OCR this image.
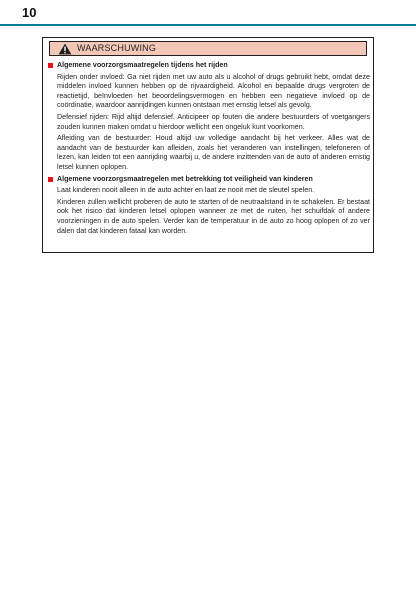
10
WAARSCHUWING
Algemene voorzorgsmaatregelen tijdens het rijden

Rijden onder invloed: Ga niet rijden met uw auto als u alcohol of drugs gebruikt hebt, omdat deze middelen invloed kunnen hebben op de rijvaardigheid. Alcohol en bepaalde drugs vergroten de reactietijd, beïnvloeden het beoordelingsvermogen en hebben een negatieve invloed op de coördinatie, waardoor aanrijdingen kunnen ontstaan met ernstig letsel als gevolg.

Defensief rijden: Rijd altijd defensief. Anticipeer op fouten die andere bestuurders of voetgangers zouden kunnen maken omdat u hierdoor wellicht een ongeluk kunt voorkomen.

Afleiding van de bestuurder: Houd altijd uw volledige aandacht bij het verkeer. Alles wat de aandacht van de bestuurder kan afleiden, zoals het veranderen van instellingen, telefoneren of lezen, kan leiden tot een aanrijding waarbij u, de andere inzittenden van de auto of anderen ernstig letsel kunnen oplopen.

Algemene voorzorgsmaatregelen met betrekking tot veiligheid van kinderen

Laat kinderen nooit alleen in de auto achter en laat ze nooit met de sleutel spelen.

Kinderen zullen wellicht proberen de auto te starten of de neutraalstand in te schakelen. Er bestaat ook het risico dat kinderen letsel oplopen wanneer ze met de ruiten, het schuifdak of andere voorzieningen in de auto spelen. Verder kan de temperatuur in de auto zo hoog oplopen of zo ver dalen dat dat kinderen fataal kan worden.
